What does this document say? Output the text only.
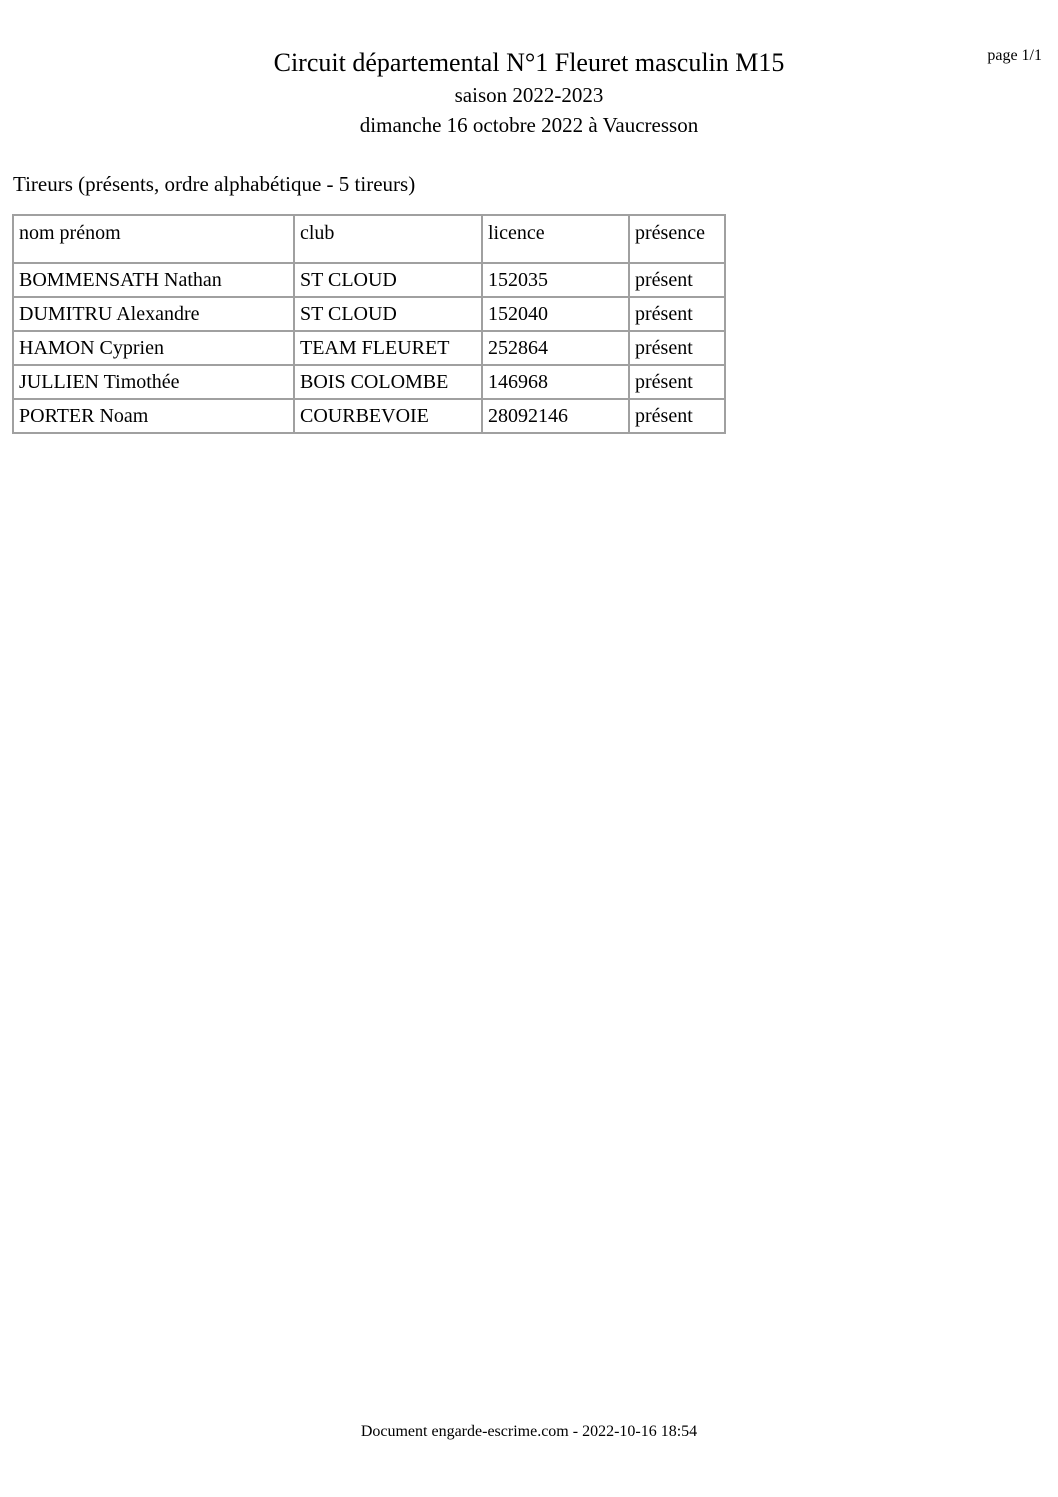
page 1/1
Circuit départemental N°1 Fleuret masculin M15
saison 2022-2023
dimanche 16 octobre 2022 à Vaucresson
Tireurs (présents, ordre alphabétique - 5 tireurs)
nom prénom	club	licence	présence
BOMMENSATH Nathan	ST CLOUD	152035	présent
DUMITRU Alexandre	ST CLOUD	152040	présent
HAMON Cyprien	TEAM FLEURET	252864	présent
JULLIEN Timothée	BOIS COLOMBE	146968	présent
PORTER Noam	COURBEVOIE	28092146	présent
Document engarde-escrime.com - 2022-10-16 18:54
